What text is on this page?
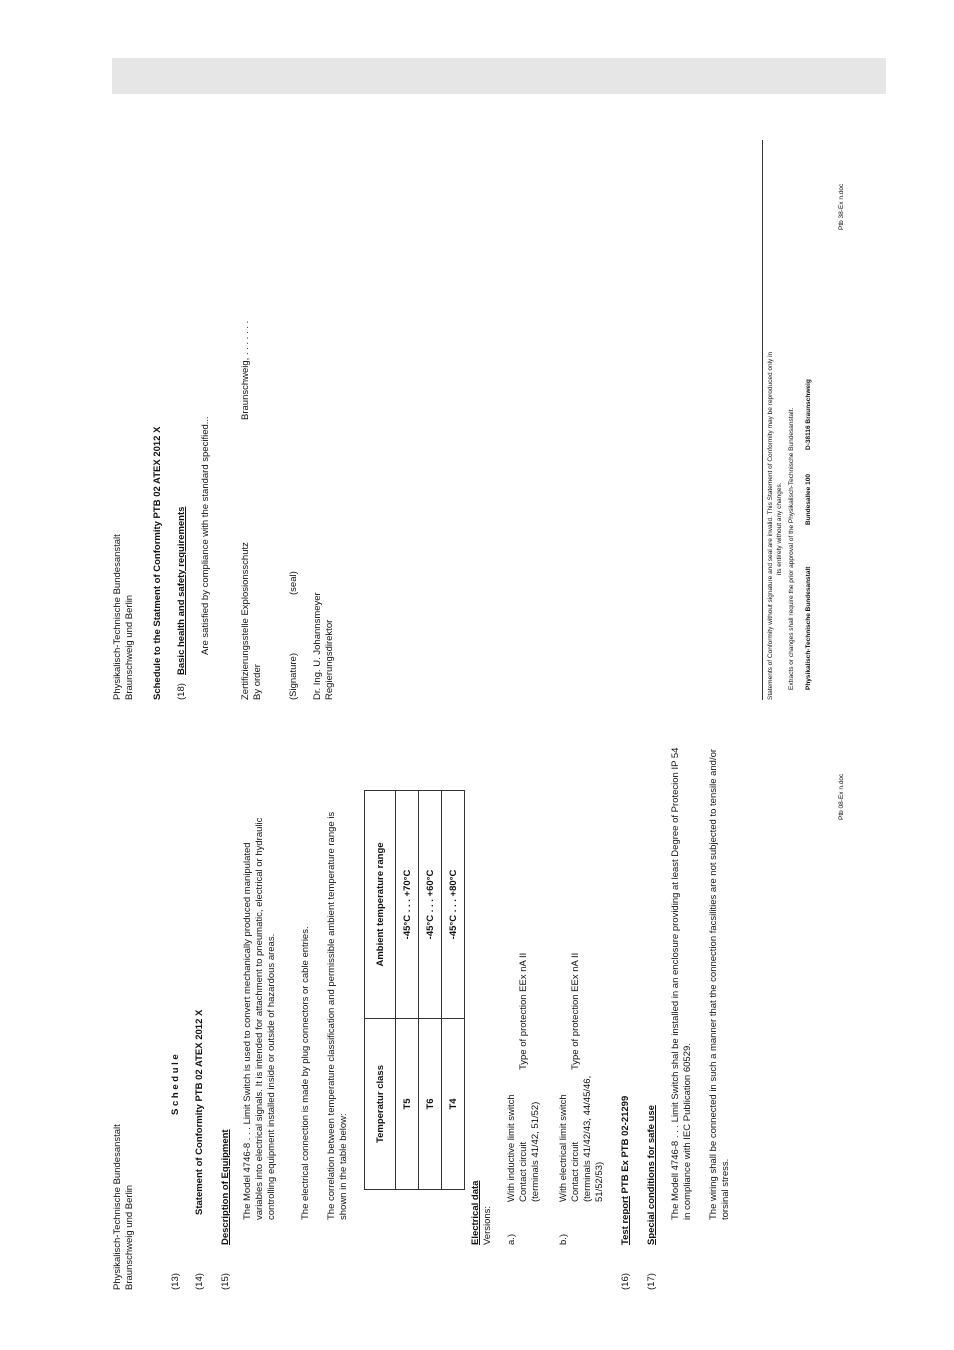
Physikalisch-Technische Bundesanstalt Braunschweig und Berlin	(13)
S c h e d u l e
(14)
Statement of Conformity PTB 02 ATEX 2012 X
(15)
Description of Equipment The Model 4746-8 . . . Limit Switch is used to convert mechanically produced manipulated variables into electrical signals. It is intended for attachment to pneumatic, electrical or hydraulic controlling equipment installed inside or outside of hazardous areas. The electrical connection is made by plug connectors or cable entries. The correlation between temperature classification and permissible ambient temperature range is shown in the table below:
Temperatur class	Ambient temperature range
T5	-45°C . . . +70°C
T6	-45°C . . . +60°C
T4	-45°C . . . +80°C
Electrical data Versions: a.)
With inductive limit switch Contact circuit (terminals 41/42, 51/52)
Type of protection EEx nA II
b.)
With electrical limit switch Contact circuit (terminals 41/42/43, 44/45/46, 51/52/53)
Type of protection EEx nA II
(16)
Test report PTB Ex PTB 02-21299
(17)
Special conditions for safe use The Modell 4746-8 . . . Limit Switch shal be installed in an enclosure providing at least Degree of Protecion IP 54 in compliance with IEC Publication 60529. The wiring shall be connected in such a manner that the connection facsilities are not subjected to tensile and/or torsinal stress.
Ptb 08-Ex n.doc
Physikalisch-Technische Bundesanstalt Braunschweig und Berlin Schedule to the Statment of Conformity PTB 02 ATEX 2012 X (18)
Basic health and safety requirements Are satisfied by compliance with the standard specified...	Zertifizierungsstelle Explosionsschutz By order
Braunschweig, . . . . . . .
(Signature)
(seal)
Dr. Ing. U. Johannsmeyer Regierungsdirektor	Statements of Conformity without signature and seal are invalid. This Statement of Conformity may be reproduced only in its entirety without any changes. Extracts or changes shall require the prior approval of the Physikalisch-Technische Bundesanstalt. Physikalisch-Technische Bundesanstalt
Bundesallee 100
D-38116 Braunschweig
Ptb 38-Ex n.doc
